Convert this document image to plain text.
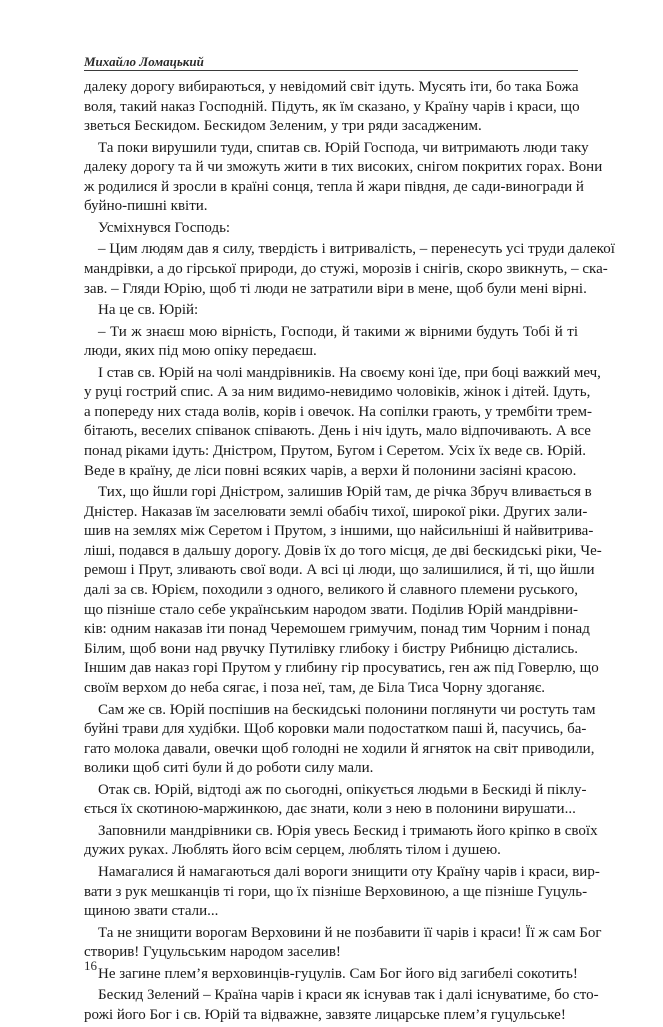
Михайло Ломацький

далеку дорогу вибираються, у невідомий світ ідуть. Мусять іти, бо така Божа
воля, такий наказ Господній. Підуть, як їм сказано, у Країну чарів і краси, що
зветься Бескидом. Бескидом Зеленим, у три ряди засадженим.

Та поки вирушили туди, спитав св. Юрій Господа, чи витримають люди таку
далеку дорогу та й чи зможуть жити в тих високих, снігом покритих горах. Вони
ж родилися й зросли в країні сонця, тепла й жари півдня, де сади-виногради й
буйно-пишні квіти.

Усміхнувся Господь:

– Цим людям дав я силу, твердість і витривалість, – перенесуть усі труди далекої
мандрівки, а до гірської природи, до стужі, морозів і снігів, скоро звикнуть, – ска-
зав. – Гляди Юрію, щоб ті люди не затратили віри в мене, щоб були мені вірні.

На це св. Юрій:

– Ти ж знаєш мою вірність, Господи, й такими ж вірними будуть Тобі й ті
люди, яких під мою опіку передаєш.

І став св. Юрій на чолі мандрівників. На своєму коні їде, при боці важкий меч,
у руці гострий спис. А за ним видимо-невидимо чоловіків, жінок і дітей. Ідуть,
а попереду них стада волів, корів і овечок. На сопілки грають, у трембіти трем-
бітають, веселих співанок співають. День і ніч ідуть, мало відпочивають. А все
понад ріками ідуть: Дністром, Прутом, Бугом і Серетом. Усіх їх веде св. Юрій.
Веде в країну, де ліси повні всяких чарів, а верхи й полонини засіяні красою.

Тих, що йшли горі Дністром, залишив Юрій там, де річка Збруч вливається в
Дністер. Наказав їм заселювати землі обабіч тихої, широкої ріки. Других зали-
шив на землях між Серетом і Прутом, з іншими, що найсильніші й найвитрива-
ліші, подався в дальшу дорогу. Довів їх до того місця, де дві бескидські ріки, Че-
ремош і Прут, зливають свої води. А всі ці люди, що залишилися, й ті, що йшли
далі за св. Юрієм, походили з одного, великого й славного племени руського,
що пізніше стало себе українським народом звати. Поділив Юрій мандрівни-
ків: одним наказав іти понад Черемошем гримучим, понад тим Чорним і понад
Білим, щоб вони над рвучку Путилівку глибоку і бистру Рибницю дістались.
Іншим дав наказ горі Прутом у глибину гір просуватись, ген аж під Говерлю, що
своїм верхом до неба сягає, і поза неї, там, де Біла Тиса Чорну здоганяє.

Сам же св. Юрій поспішив на бескидські полонини поглянути чи ростуть там
буйні трави для худібки. Щоб коровки мали подостатком паші й, пасучись, ба-
гато молока давали, овечки щоб голодні не ходили й ягняток на світ приводили,
волики щоб ситі були й до роботи силу мали.

Отак св. Юрій, відтоді аж по сьогодні, опікується людьми в Бескиді й піклу-
ється їх скотиною-маржинкою, дає знати, коли з нею в полонини вирушати...

Заповнили мандрівники св. Юрія увесь Бескид і тримають його кріпко в своїх
дужих руках. Люблять його всім серцем, люблять тілом і душею.

Намагалися й намагаються далі вороги знищити оту Країну чарів і краси, вир-
вати з рук мешканців ті гори, що їх пізніше Верховиною, а ще пізніше Гуцуль-
щиною звати стали...

Та не знищити ворогам Верховини й не позбавити її чарів і краси! Її ж сам Бог
створив! Гуцульським народом заселив!

Не загине плем’я верховинців-гуцулів. Сам Бог його від загибелі сокотить!

Бескид Зелений – Країна чарів і краси як існував так і далі існуватиме, бо сто-
рожі його Бог і св. Юрій та відважне, завзяте лицарське плем’я гуцульське!

16
